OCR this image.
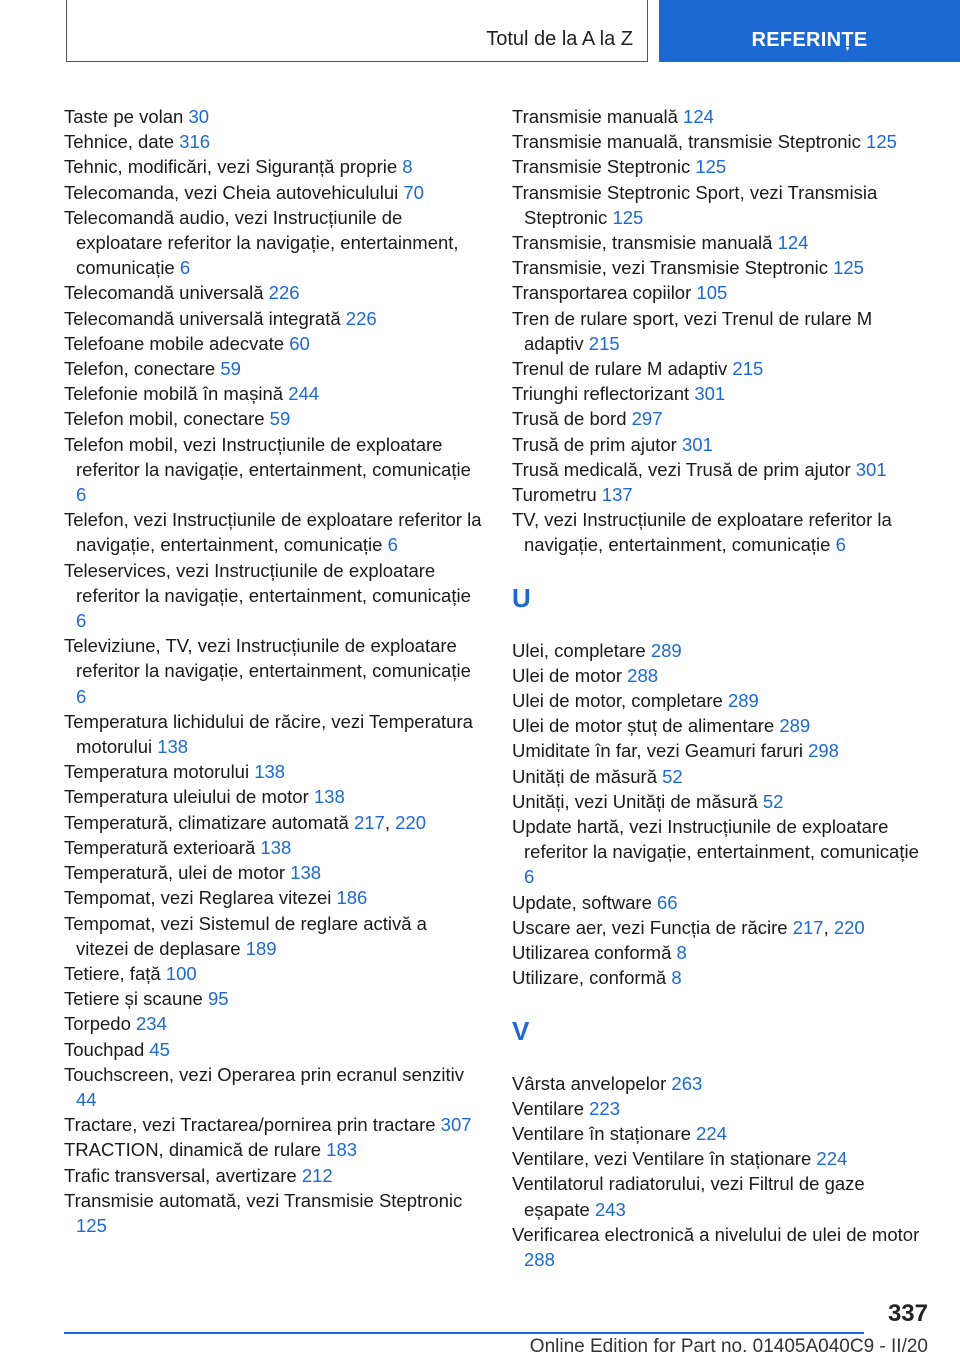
Totul de la A la Z	REFERINȚE

Taste pe volan 30

Tehnice, date 316

Tehnic, modificări, vezi Siguranță proprie 8

Telecomanda, vezi Cheia autovehiculului 70

Telecomandă audio, vezi Instrucțiunile de exploatare referitor la navigație, entertainment, comunicație 6

Telecomandă universală 226

Telecomandă universală integrată 226

Telefoane mobile adecvate 60

Telefon, conectare 59

Telefonie mobilă în mașină 244

Telefon mobil, conectare 59

Telefon mobil, vezi Instrucțiunile de exploatare referitor la navigație, entertainment, comunicație 6

Telefon, vezi Instrucțiunile de exploatare referitor la navigație, entertainment, comunicație 6

Teleservices, vezi Instrucțiunile de exploatare referitor la navigație, entertainment, comunicație 6

Televiziune, TV, vezi Instrucțiunile de exploatare referitor la navigație, entertainment, comunicație 6

Temperatura lichidului de răcire, vezi Temperatura motorului 138

Temperatura motorului 138

Temperatura uleiului de motor 138

Temperatură, climatizare automată 217, 220

Temperatură exterioară 138

Temperatură, ulei de motor 138

Tempomat, vezi Reglarea vitezei 186

Tempomat, vezi Sistemul de reglare activă a vitezei de deplasare 189

Tetiere, față 100

Tetiere și scaune 95

Torpedo 234

Touchpad 45

Touchscreen, vezi Operarea prin ecranul senzitiv 44

Tractare, vezi Tractarea/pornirea prin tractare 307

TRACTION, dinamică de rulare 183

Trafic transversal, avertizare 212

Transmisie automată, vezi Transmisie Steptronic 125

Transmisie manuală 124

Transmisie manuală, transmisie Steptronic 125

Transmisie Steptronic 125

Transmisie Steptronic Sport, vezi Transmisia Steptronic 125

Transmisie, transmisie manuală 124

Transmisie, vezi Transmisie Steptronic 125

Transportarea copiilor 105

Tren de rulare sport, vezi Trenul de rulare M adaptiv 215

Trenul de rulare M adaptiv 215

Triunghi reflectorizant 301

Trusă de bord 297

Trusă de prim ajutor 301

Trusă medicală, vezi Trusă de prim ajutor 301

Turometru 137

TV, vezi Instrucțiunile de exploatare referitor la navigație, entertainment, comunicație 6

U

Ulei, completare 289

Ulei de motor 288

Ulei de motor, completare 289

Ulei de motor ștuț de alimentare 289

Umiditate în far, vezi Geamuri faruri 298

Unități de măsură 52

Unități, vezi Unități de măsură 52

Update hartă, vezi Instrucțiunile de exploatare referitor la navigație, entertainment, comunicație 6

Update, software 66

Uscare aer, vezi Funcția de răcire 217, 220

Utilizarea conformă 8

Utilizare, conformă 8

V

Vârsta anvelopelor 263

Ventilare 223

Ventilare în staționare 224

Ventilare, vezi Ventilare în staționare 224

Ventilatorul radiatorului, vezi Filtrul de gaze eșapate 243

Verificarea electronică a nivelului de ulei de motor 288

337
Online Edition for Part no. 01405A040C9 - II/20
